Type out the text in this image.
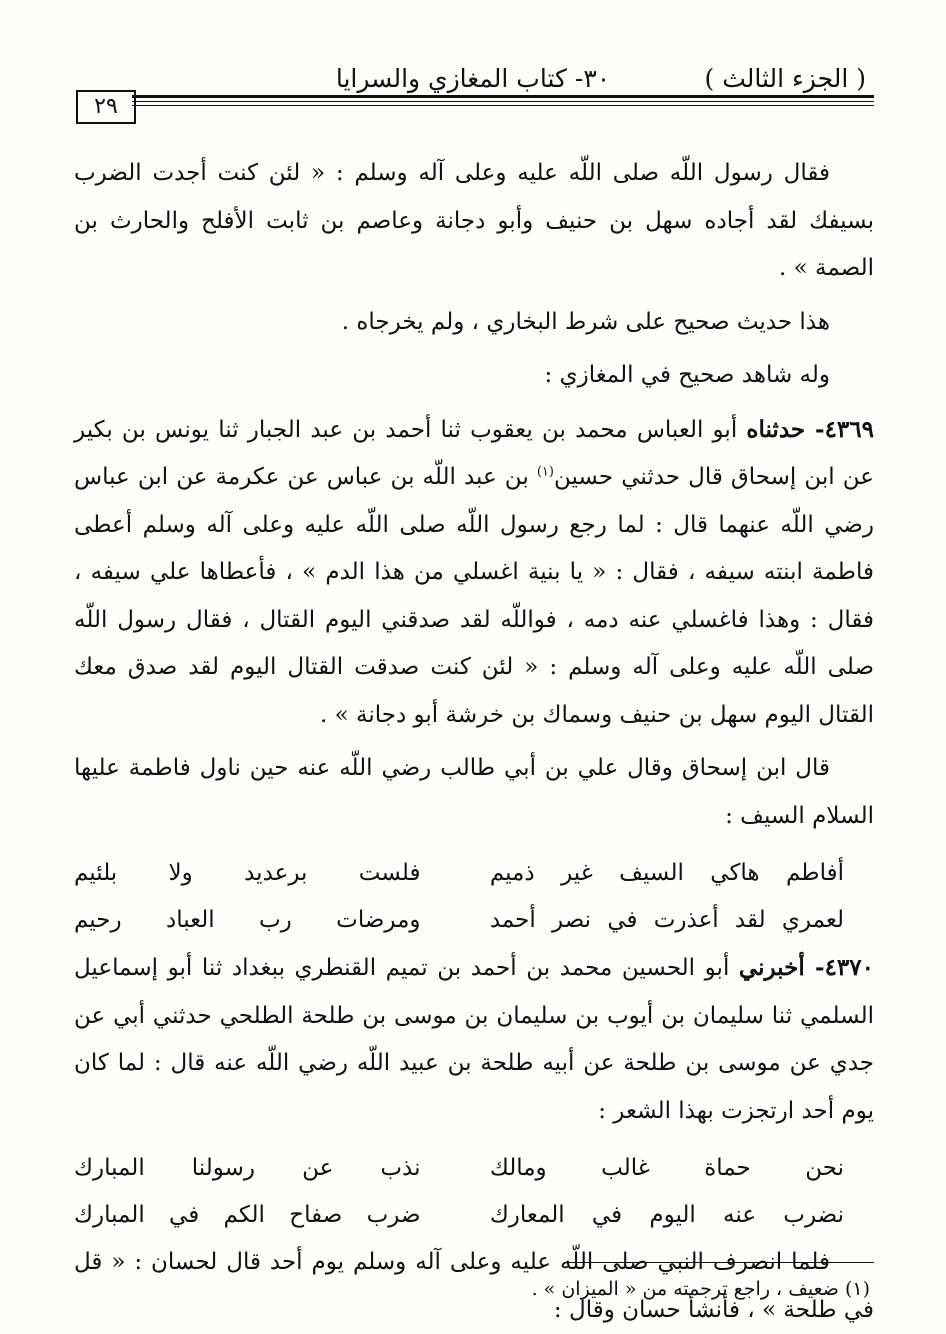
( الجزء الثالث )
٣٠- كتاب المغازي والسرايا
٢٩

فقال رسول اللّه صلى اللّه عليه وعلى آله وسلم : « لئن كنت أجدت الضرب بسيفك لقد أجاده سهل بن حنيف وأبو دجانة وعاصم بن ثابت الأفلح والحارث بن الصمة » .

هذا حديث صحيح على شرط البخاري ، ولم يخرجاه .

وله شاهد صحيح في المغازي :

٤٣٦٩- حدثناه أبو العباس محمد بن يعقوب ثنا أحمد بن عبد الجبار ثنا يونس بن بكير عن ابن إسحاق قال حدثني حسين$^{(١)}$ بن عبد اللّه بن عباس عن عكرمة عن ابن عباس رضي اللّه عنهما قال : لما رجع رسول اللّه صلى اللّه عليه وعلى آله وسلم أعطى فاطمة ابنته سيفه ، فقال : « يا بنية اغسلي من هذا الدم » ، فأعطاها علي سيفه ، فقال : وهذا فاغسلي عنه دمه ، فواللّه لقد صدقني اليوم القتال ، فقال رسول اللّه صلى اللّه عليه وعلى آله وسلم : « لئن كنت صدقت القتال اليوم لقد صدق معك القتال اليوم سهل بن حنيف وسماك بن خرشة أبو دجانة » .

قال ابن إسحاق وقال علي بن أبي طالب رضي اللّه عنه حين ناول فاطمة عليها السلام السيف :

أفاطم هاكي السيف غير ذميم
فلست برعديد ولا بلئيم
لعمري لقد أعذرت في نصر أحمد
ومرضات رب العباد رحيم

٤٣٧٠- أخبرني أبو الحسين محمد بن أحمد بن تميم القنطري ببغداد ثنا أبو إسماعيل السلمي ثنا سليمان بن أيوب بن سليمان بن موسى بن طلحة الطلحي حدثني أبي عن جدي عن موسى بن طلحة عن أبيه طلحة بن عبيد اللّه رضي اللّه عنه قال : لما كان يوم أحد ارتجزت بهذا الشعر :

نحن حماة غالب ومالك
نذب عن رسولنا المبارك
نضرب عنه اليوم في المعارك
ضرب صفاح الكم في المبارك

فلما انصرف النبي صلى اللّه عليه وعلى آله وسلم يوم أحد قال لحسان : « قل في طلحة » ، فأنشأ حسان وقال :

(١) ضعيف ، راجع ترجمته من « الميزان » .
